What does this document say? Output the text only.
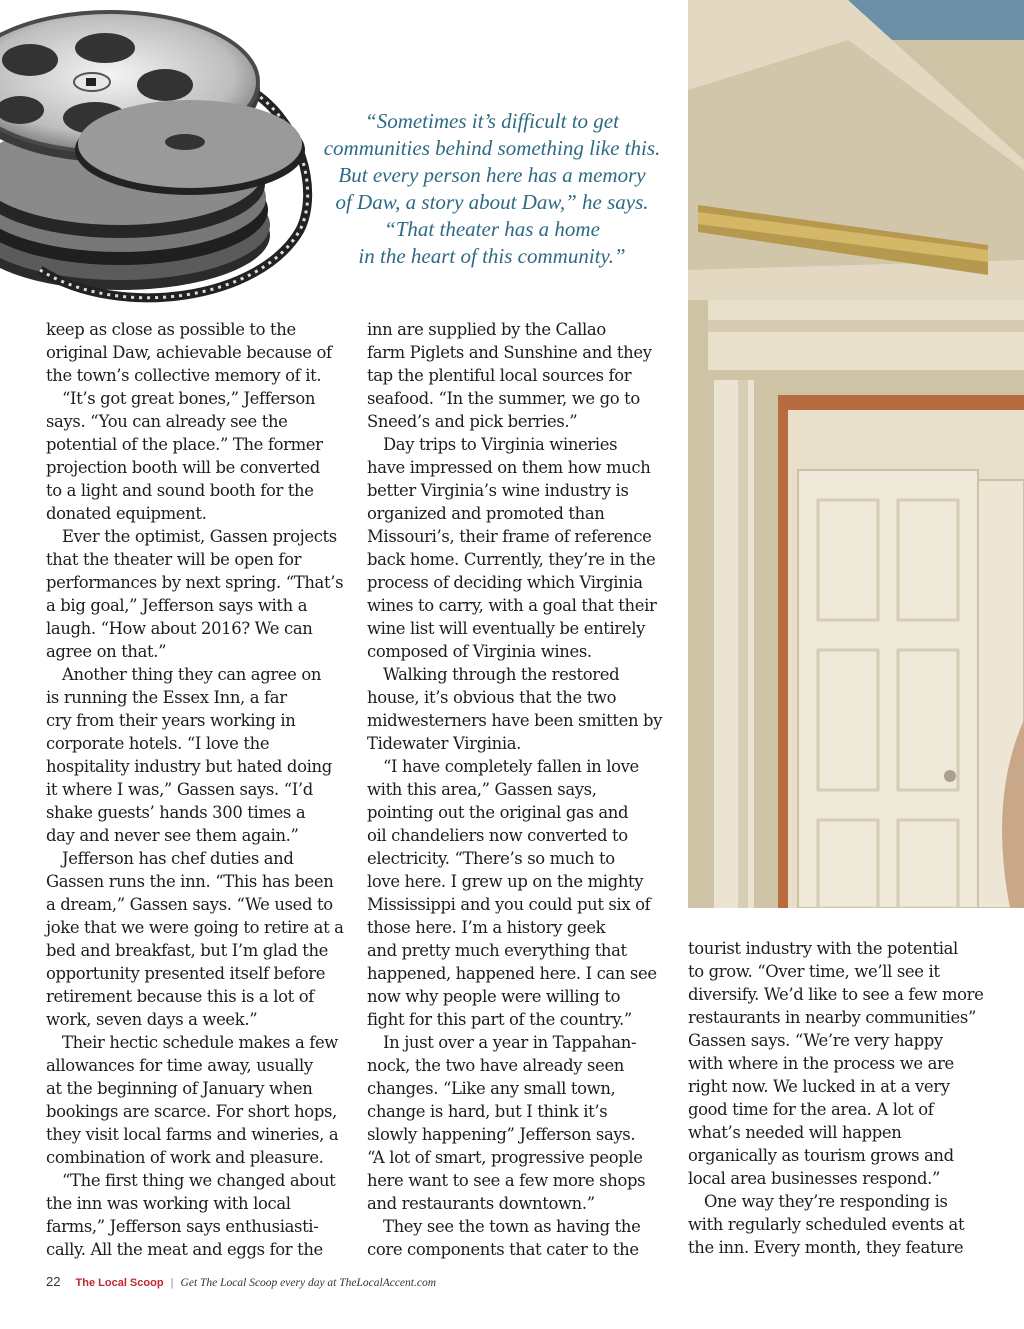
“Sometimes it’s difficult to get
communities behind something like this.
But every person here has a memory
of Daw, a story about Daw,” he says.
“That theater has a home
in the heart of this community.”
keep as close as possible to the
original Daw, achievable because of
the town’s collective memory of it.
“It’s got great bones,” Jefferson
says. “You can already see the
potential of the place.” The former
projection booth will be converted
to a light and sound booth for the
donated equipment.
Ever the optimist, Gassen projects
that the theater will be open for
performances by next spring. “That’s
a big goal,” Jefferson says with a
laugh. “How about 2016? We can
agree on that.”
Another thing they can agree on
is running the Essex Inn, a far
cry from their years working in
corporate hotels. “I love the
hospitality industry but hated doing
it where I was,” Gassen says. “I’d
shake guests’ hands 300 times a
day and never see them again.”
Jefferson has chef duties and
Gassen runs the inn. “This has been
a dream,” Gassen says. “We used to
joke that we were going to retire at a
bed and breakfast, but I’m glad the
opportunity presented itself before
retirement because this is a lot of
work, seven days a week.”
Their hectic schedule makes a few
allowances for time away, usually
at the beginning of January when
bookings are scarce. For short hops,
they visit local farms and wineries, a
combination of work and pleasure.
“The first thing we changed about
the inn was working with local
farms,” Jefferson says enthusiasti-
cally. All the meat and eggs for the
inn are supplied by the Callao
farm Piglets and Sunshine and they
tap the plentiful local sources for
seafood. “In the summer, we go to
Sneed’s and pick berries.”
Day trips to Virginia wineries
have impressed on them how much
better Virginia’s wine industry is
organized and promoted than
Missouri’s, their frame of reference
back home. Currently, they’re in the
process of deciding which Virginia
wines to carry, with a goal that their
wine list will eventually be entirely
composed of Virginia wines.
Walking through the restored
house, it’s obvious that the two
midwesterners have been smitten by
Tidewater Virginia.
“I have completely fallen in love
with this area,” Gassen says,
pointing out the original gas and
oil chandeliers now converted to
electricity. “There’s so much to
love here. I grew up on the mighty
Mississippi and you could put six of
those here. I’m a history geek
and pretty much everything that
happened, happened here. I can see
now why people were willing to
fight for this part of the country.”
In just over a year in Tappahan-
nock, the two have already seen
changes. “Like any small town,
change is hard, but I think it’s
slowly happening” Jefferson says.
“A lot of smart, progressive people
here want to see a few more shops
and restaurants downtown.”
They see the town as having the
core components that cater to the
tourist industry with the potential
to grow. “Over time, we’ll see it
diversify. We’d like to see a few more
restaurants in nearby communities”
Gassen says. “We’re very happy
with where in the process we are
right now. We lucked in at a very
good time for the area. A lot of
what’s needed will happen
organically as tourism grows and
local area businesses respond.”
One way they’re responding is
with regularly scheduled events at
the inn. Every month, they feature
22 The Local Scoop | Get The Local Scoop every day at TheLocalAccent.com
